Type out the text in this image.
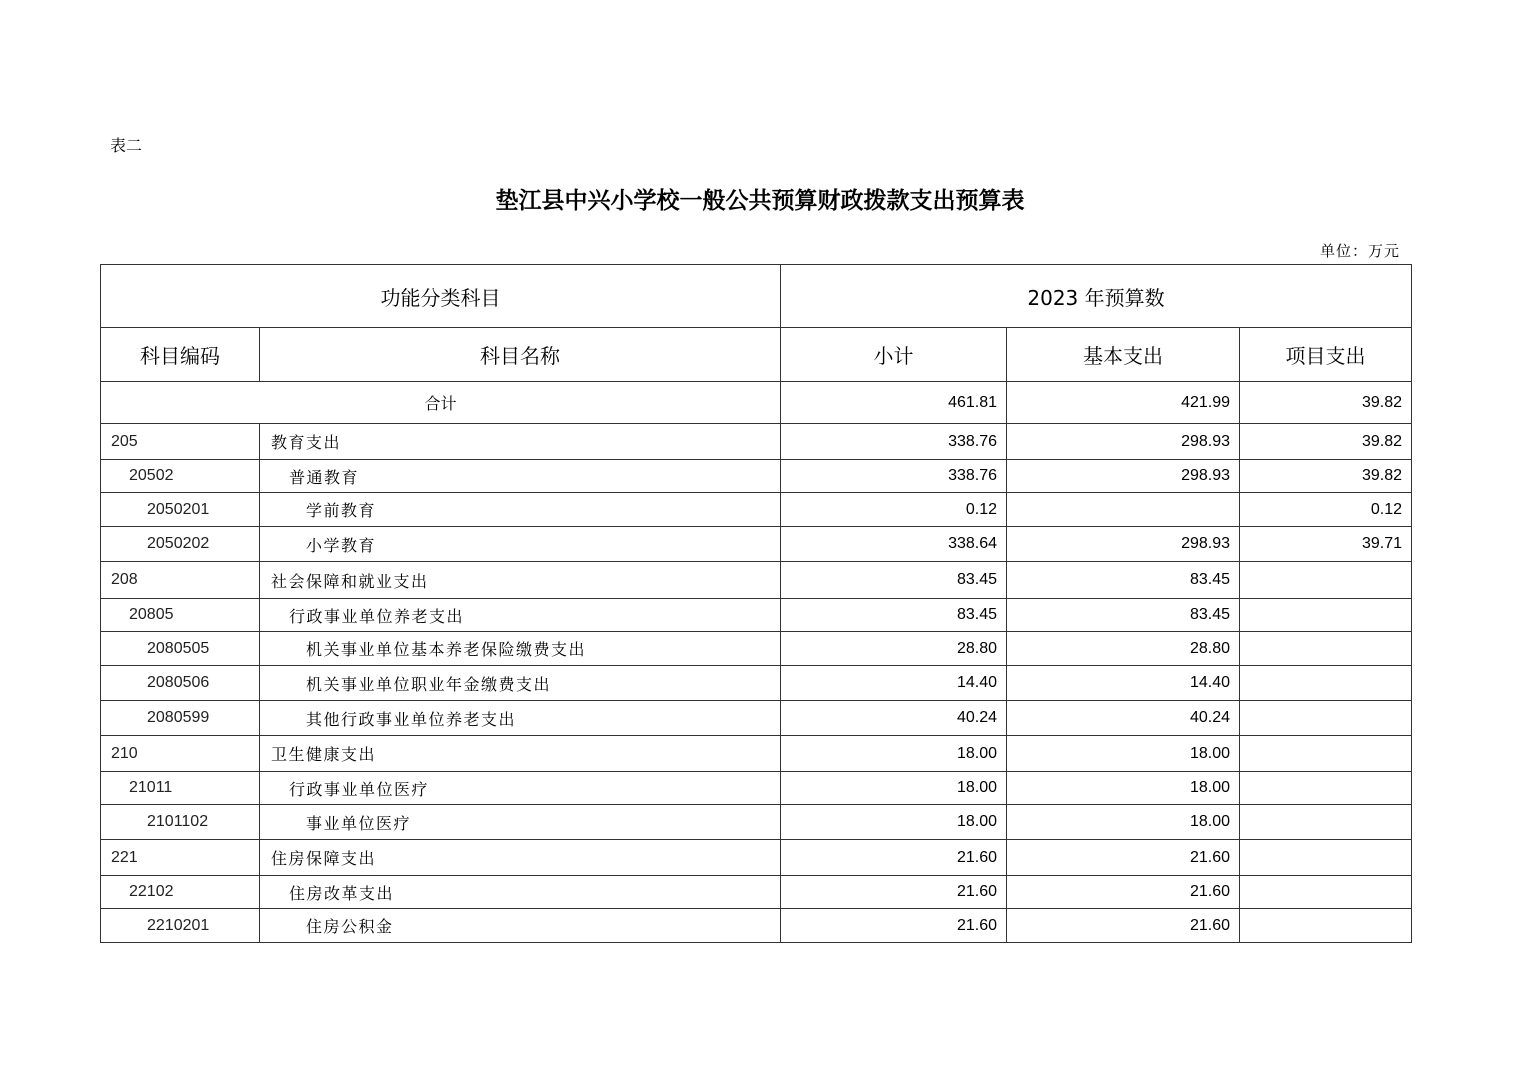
表二
垫江县中兴小学校一般公共预算财政拨款支出预算表
单位：万元
功能分类科目		2023 年预算数		
科目编码	科目名称	小计	基本支出	项目支出
合计		461.81	421.99	39.82
205	教育支出	338.76	298.93	39.82
20502	普通教育	338.76	298.93	39.82
2050201	学前教育	0.12		0.12
2050202	小学教育	338.64	298.93	39.71
208	社会保障和就业支出	83.45	83.45	
20805	行政事业单位养老支出	83.45	83.45	
2080505	机关事业单位基本养老保险缴费支出	28.80	28.80	
2080506	机关事业单位职业年金缴费支出	14.40	14.40	
2080599	其他行政事业单位养老支出	40.24	40.24	
210	卫生健康支出	18.00	18.00	
21011	行政事业单位医疗	18.00	18.00	
2101102	事业单位医疗	18.00	18.00	
221	住房保障支出	21.60	21.60	
22102	住房改革支出	21.60	21.60	
2210201	住房公积金	21.60	21.60	
